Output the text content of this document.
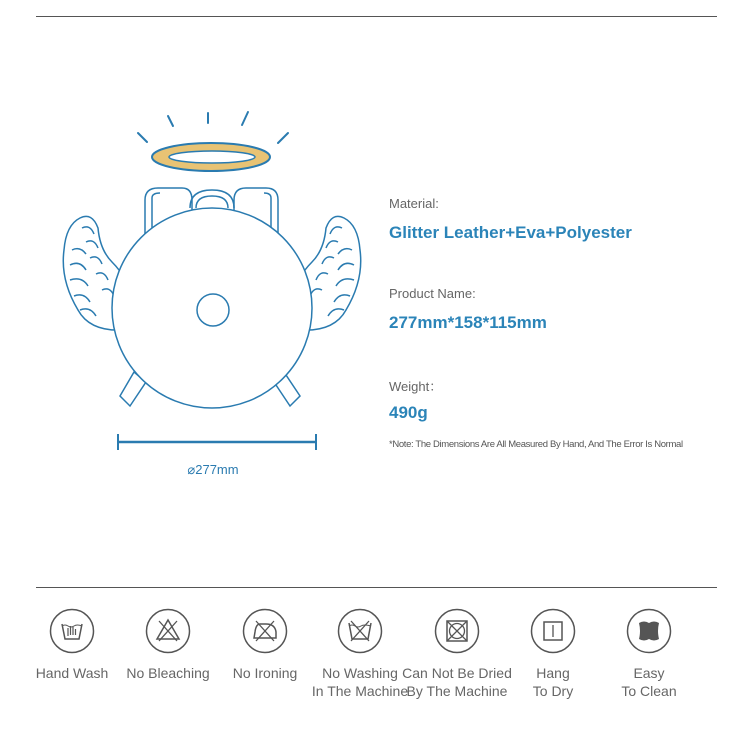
⌀277mm
Material:
Glitter Leather+Eva+Polyester
Product Name:
277mm*158*115mm
Weight：
490g
*Note: The Dimensions Are All Measured By Hand, And The Error Is Normal
Hand Wash	No Bleaching	No Ironing	No Washing
In The Machine
Can Not Be Dried
By The Machine
Hang
To Dry
Easy
To Clean
